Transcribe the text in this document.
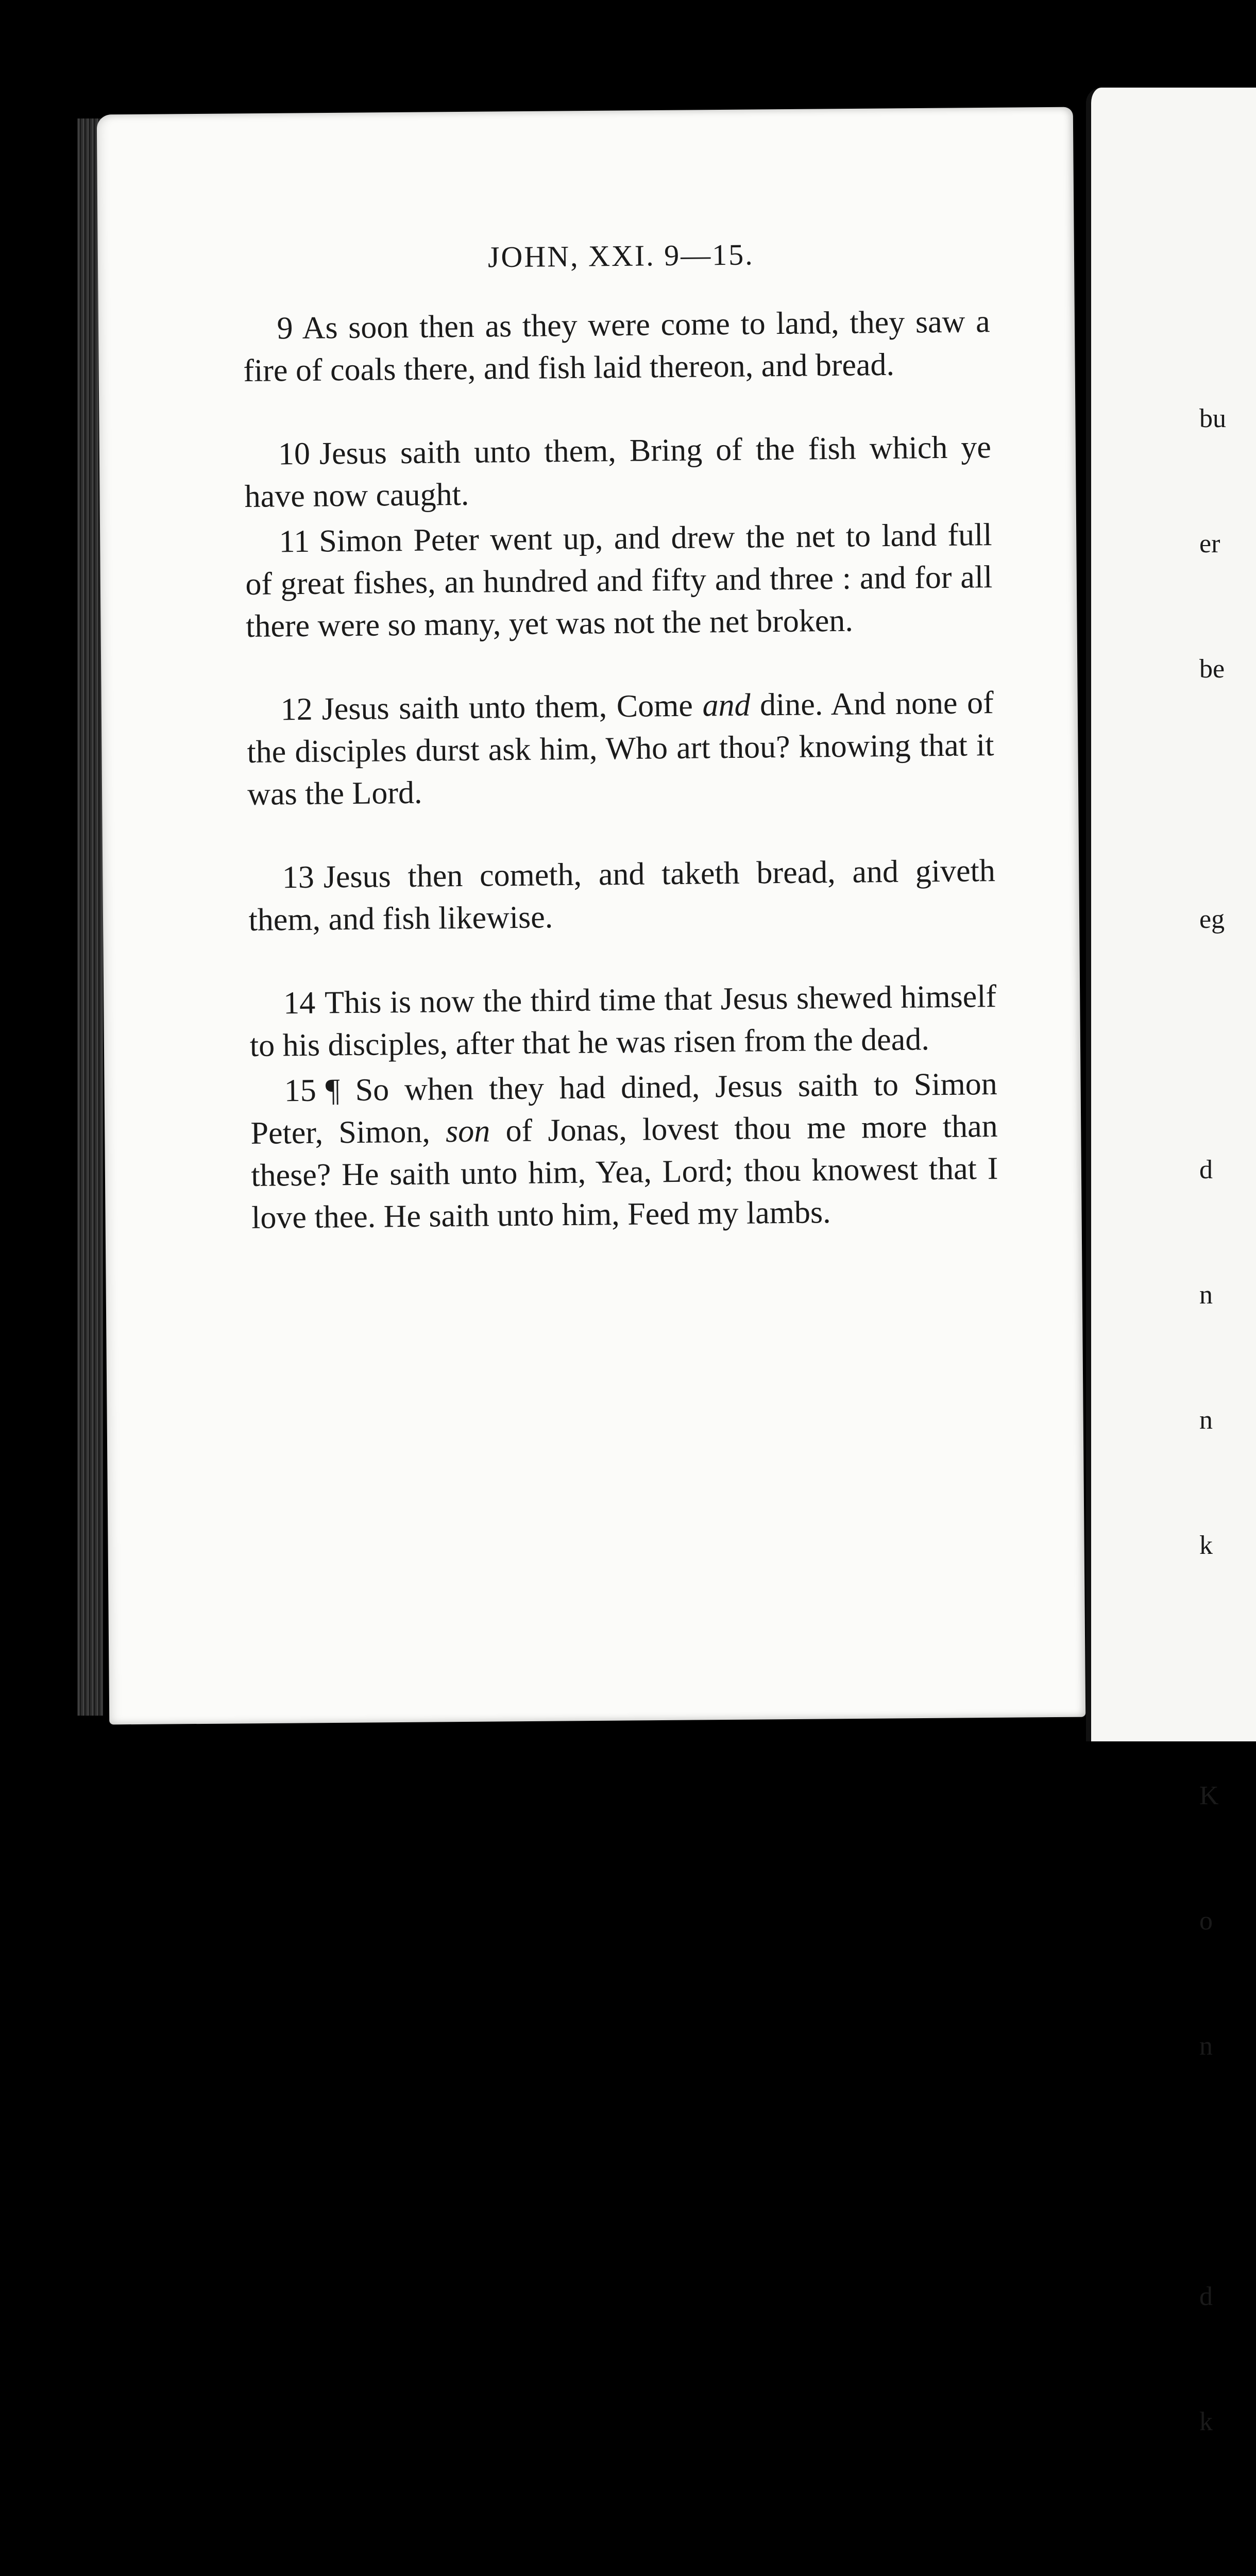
bu

er

be

eg

d

n

n

k

K

o

n

d

k

JOHN, XXI. 9—15.

9 As soon then as they were come to land, they saw a fire of coals there, and fish laid thereon, and bread.

10 Jesus saith unto them, Bring of the fish which ye have now caught.

11 Simon Peter went up, and drew the net to land full of great fishes, an hundred and fifty and three : and for all there were so many, yet was not the net broken.

12 Jesus saith unto them, Come and dine. And none of the disciples durst ask him, Who art thou? knowing that it was the Lord.

13 Jesus then cometh, and taketh bread, and giveth them, and fish likewise.

14 This is now the third time that Jesus shewed himself to his disciples, after that he was risen from the dead.

15 ¶ So when they had dined, Jesus saith to Simon Peter, Simon, son of Jonas, lovest thou me more than these? He saith unto him, Yea, Lord; thou knowest that I love thee. He saith unto him, Feed my lambs.
